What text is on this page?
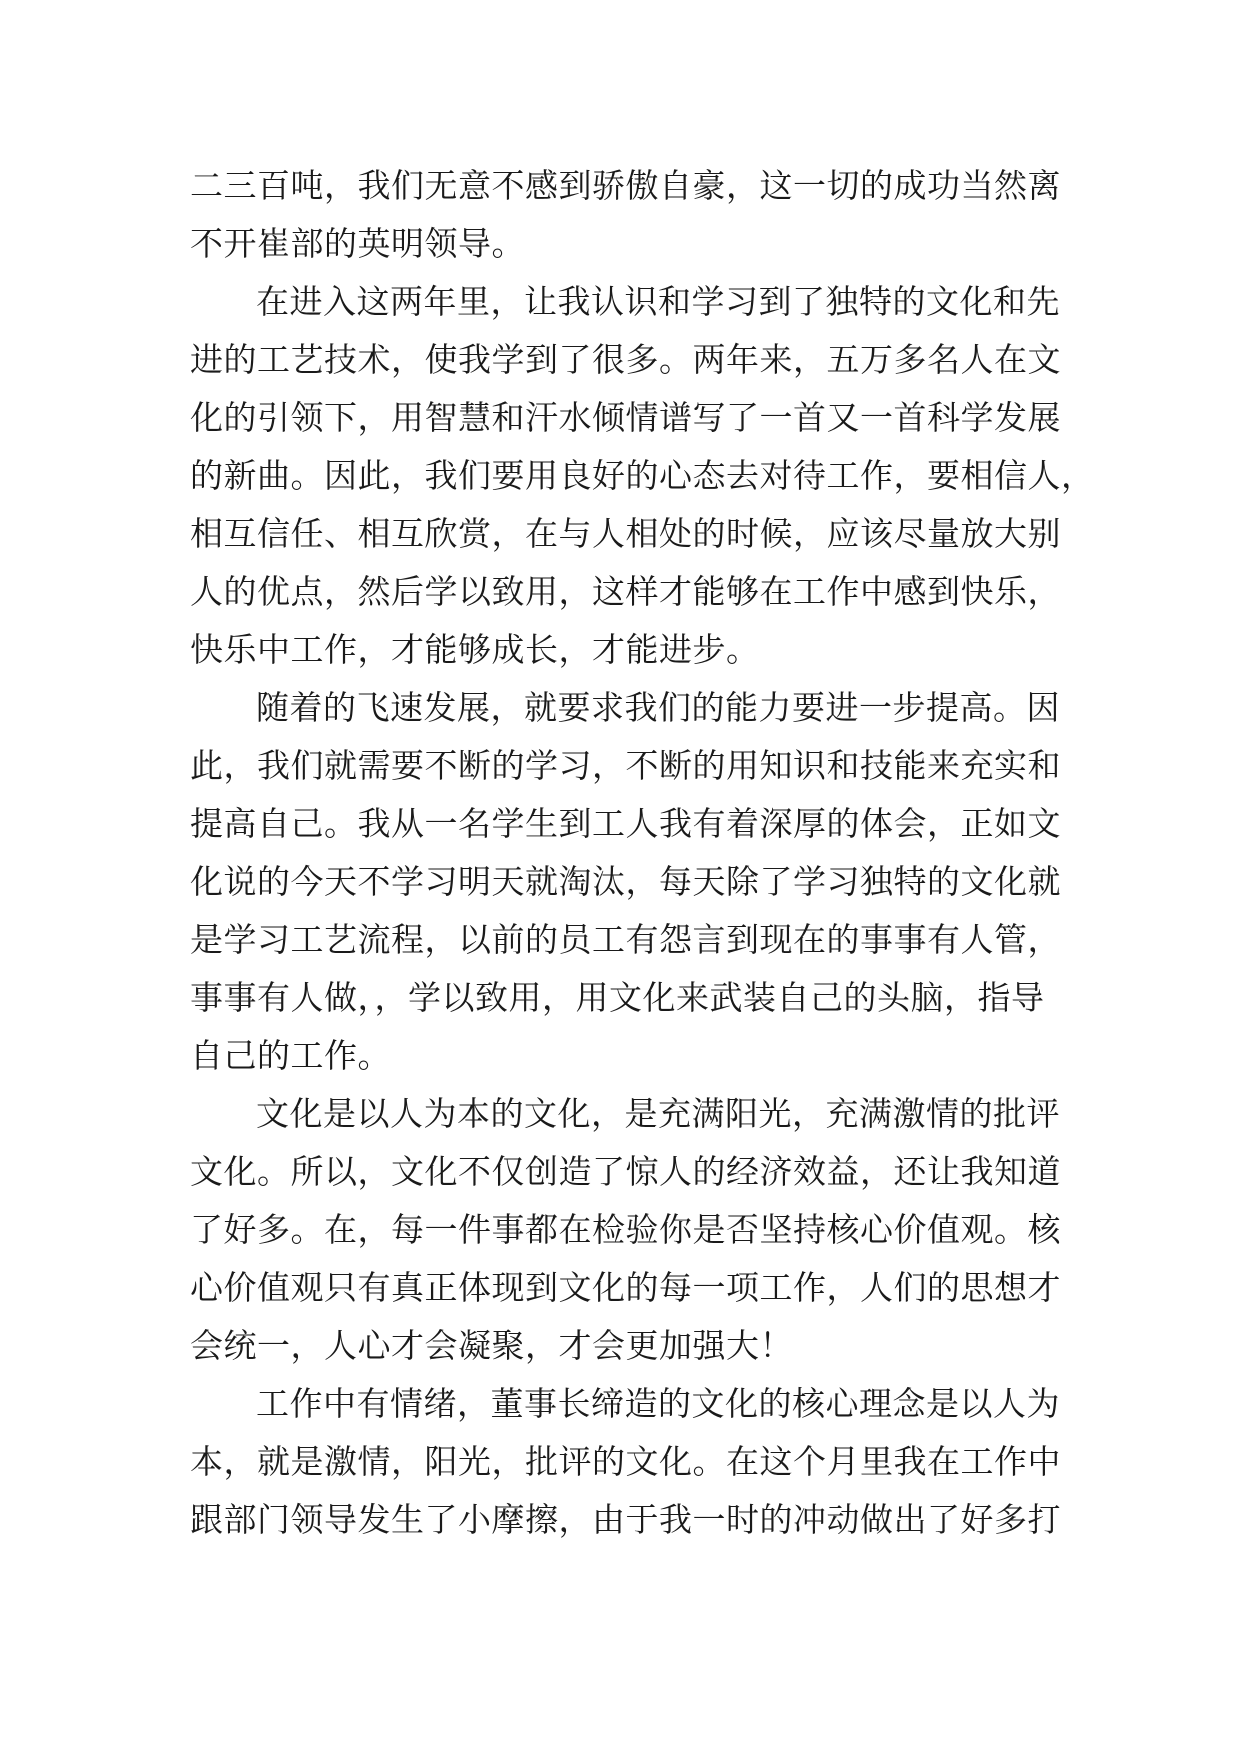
二三百吨，我们无意不感到骄傲自豪，这一切的成功当然离
不开崔部的英明领导。
在进入这两年里，让我认识和学习到了独特的文化和先
进的工艺技术，使我学到了很多。两年来，五万多名人在文
化的引领下，用智慧和汗水倾情谱写了一首又一首科学发展
的新曲。因此，我们要用良好的心态去对待工作，要相信人，
相互信任、相互欣赏，在与人相处的时候，应该尽量放大别
人的优点，然后学以致用，这样才能够在工作中感到快乐，
快乐中工作，才能够成长，才能进步。
随着的飞速发展，就要求我们的能力要进一步提高。因
此，我们就需要不断的学习，不断的用知识和技能来充实和
提高自己。我从一名学生到工人我有着深厚的体会，正如文
化说的今天不学习明天就淘汰，每天除了学习独特的文化就
是学习工艺流程，以前的员工有怨言到现在的事事有人管，
事事有人做，，学以致用，用文化来武装自己的头脑，指导
自己的工作。
文化是以人为本的文化，是充满阳光，充满激情的批评
文化。所以，文化不仅创造了惊人的经济效益，还让我知道
了好多。在，每一件事都在检验你是否坚持核心价值观。核
心价值观只有真正体现到文化的每一项工作，人们的思想才
会统一，人心才会凝聚，才会更加强大！
工作中有情绪，董事长缔造的文化的核心理念是以人为
本，就是激情，阳光，批评的文化。在这个月里我在工作中
跟部门领导发生了小摩擦，由于我一时的冲动做出了好多打
